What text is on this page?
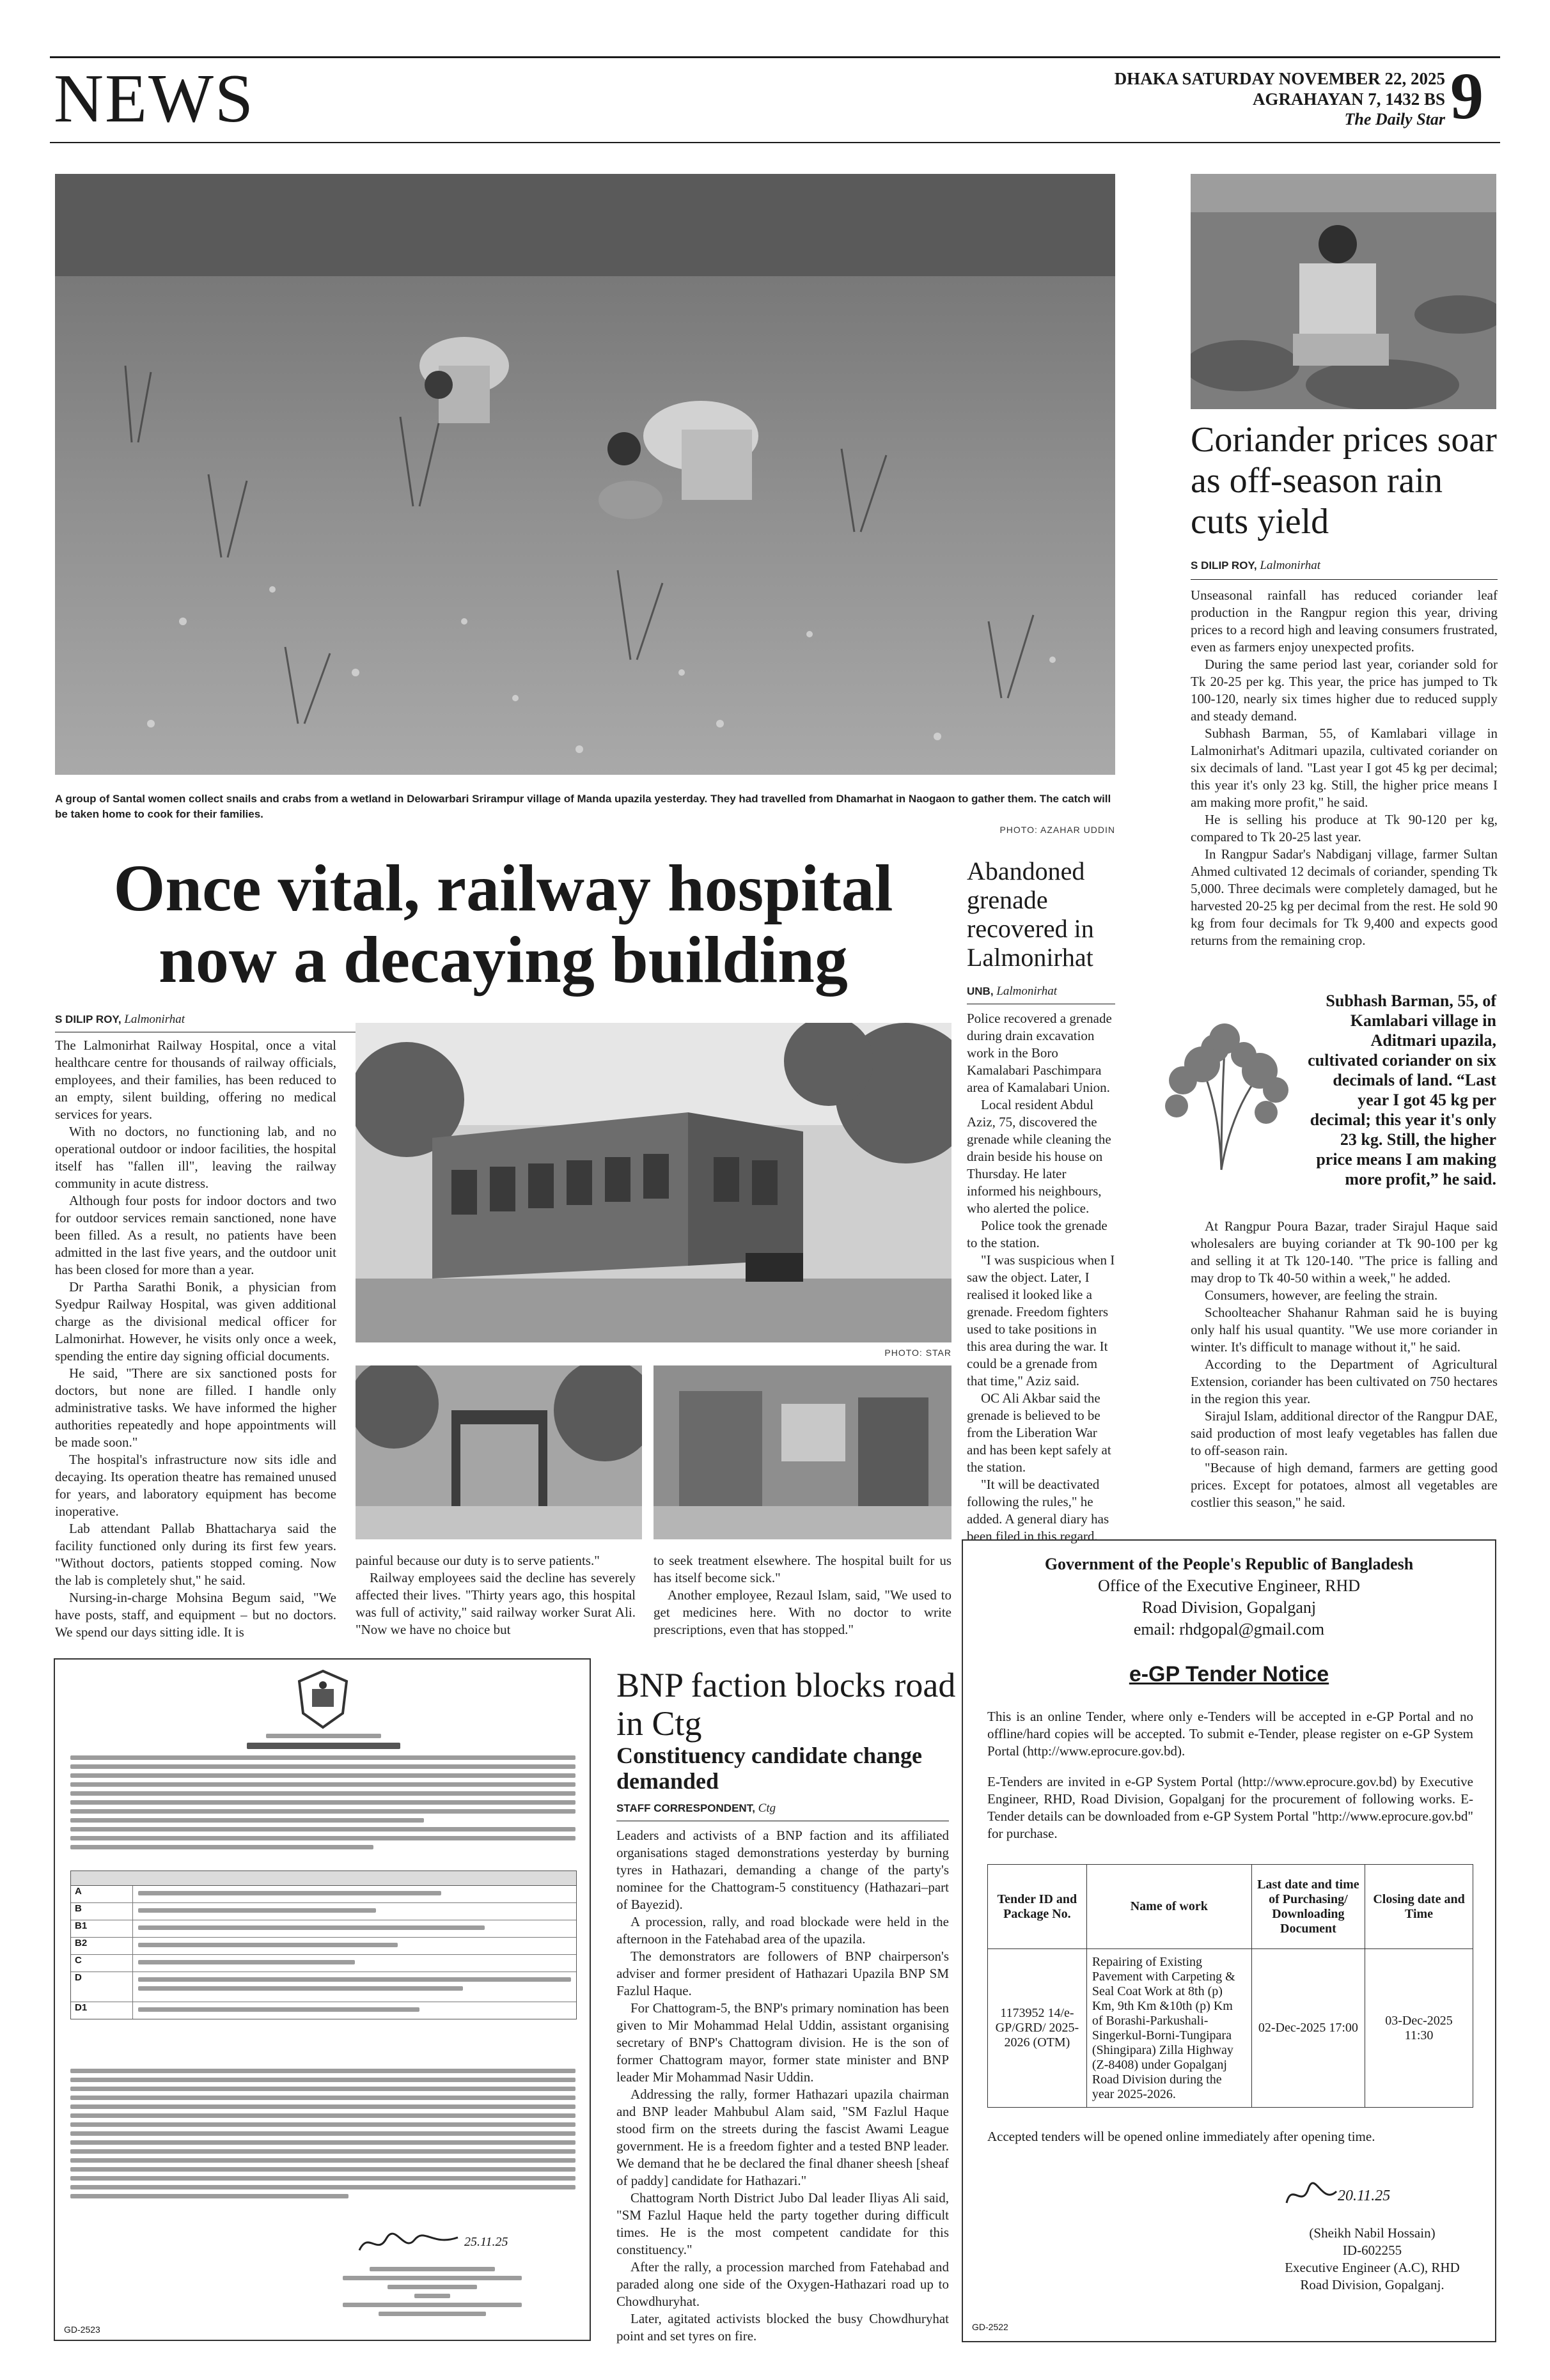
NEWS	DHAKA SATURDAY NOVEMBER 22, 2025
AGRAHAYAN 7, 1432 BS
The Daily Star 9
A group of Santal women collect snails and crabs from a wetland in Delowarbari Srirampur village of Manda upazila yesterday. They had travelled from Dhamarhat in Naogaon to gather them. The catch will be taken home to cook for their families.
PHOTO: AZAHAR UDDIN
Coriander prices soar as off-season rain cuts yield
S DILIP ROY, Lalmonirhat

Unseasonal rainfall has reduced coriander leaf production in the Rangpur region this year, driving prices to a record high and leaving consumers frustrated, even as farmers enjoy unexpected profits.

During the same period last year, coriander sold for Tk 20-25 per kg. This year, the price has jumped to Tk 100-120, nearly six times higher due to reduced supply and steady demand.

Subhash Barman, 55, of Kamlabari village in Lalmonirhat's Aditmari upazila, cultivated coriander on six decimals of land. "Last year I got 45 kg per decimal; this year it's only 23 kg. Still, the higher price means I am making more profit," he said.

He is selling his produce at Tk 90-120 per kg, compared to Tk 20-25 last year.

In Rangpur Sadar's Nabdiganj village, farmer Sultan Ahmed cultivated 12 decimals of coriander, spending Tk 5,000. Three decimals were completely damaged, but he harvested 20-25 kg per decimal from the rest. He sold 90 kg from four decimals for Tk 9,400 and expects good returns from the remaining crop.

Subhash Barman, 55, of Kamlabari village in Aditmari upazila, cultivated coriander on six decimals of land. “Last year I got 45 kg per decimal; this year it's only 23 kg. Still, the higher price means I am making more profit,” he said.

At Rangpur Poura Bazar, trader Sirajul Haque said wholesalers are buying coriander at Tk 90-100 per kg and selling it at Tk 120-140. "The price is falling and may drop to Tk 40-50 within a week," he added.

Consumers, however, are feeling the strain.

Schoolteacher Shahanur Rahman said he is buying only half his usual quantity. "We use more coriander in winter. It's difficult to manage without it," he said.

According to the Department of Agricultural Extension, coriander has been cultivated on 750 hectares in the region this year.

Sirajul Islam, additional director of the Rangpur DAE, said production of most leafy vegetables has fallen due to off-season rain.

"Because of high demand, farmers are getting good prices. Except for potatoes, almost all vegetables are costlier this season," he said.

Once vital, railway hospital now a decaying building
S DILIP ROY, Lalmonirhat

The Lalmonirhat Railway Hospital, once a vital healthcare centre for thousands of railway officials, employees, and their families, has been reduced to an empty, silent building, offering no medical services for years.

With no doctors, no functioning lab, and no operational outdoor or indoor facilities, the hospital itself has "fallen ill", leaving the railway community in acute distress.

Although four posts for indoor doctors and two for outdoor services remain sanctioned, none have been filled. As a result, no patients have been admitted in the last five years, and the outdoor unit has been closed for more than a year.

Dr Partha Sarathi Bonik, a physician from Syedpur Railway Hospital, was given additional charge as the divisional medical officer for Lalmonirhat. However, he visits only once a week, spending the entire day signing official documents.

He said, "There are six sanctioned posts for doctors, but none are filled. I handle only administrative tasks. We have informed the higher authorities repeatedly and hope appointments will be made soon."

The hospital's infrastructure now sits idle and decaying. Its operation theatre has remained unused for years, and laboratory equipment has become inoperative.

Lab attendant Pallab Bhattacharya said the facility functioned only during its first few years. "Without doctors, patients stopped coming. Now the lab is completely shut," he said.

Nursing-in-charge Mohsina Begum said, "We have posts, staff, and equipment – but no doctors. We spend our days sitting idle. It is

PHOTO: STAR

painful because our duty is to serve patients."

Railway employees said the decline has severely affected their lives. "Thirty years ago, this hospital was full of activity," said railway worker Surat Ali. "Now we have no choice but

to seek treatment elsewhere. The hospital built for us has itself become sick."

Another employee, Rezaul Islam, said, "We used to get medicines here. With no doctor to write prescriptions, even that has stopped."

Abandoned grenade recovered in Lalmonirhat
UNB, Lalmonirhat

Police recovered a grenade during drain excavation work in the Boro Kamalabari Paschimpara area of Kamalabari Union.

Local resident Abdul Aziz, 75, discovered the grenade while cleaning the drain beside his house on Thursday. He later informed his neighbours, who alerted the police.

Police took the grenade to the station.

"I was suspicious when I saw the object. Later, I realised it looked like a grenade. Freedom fighters used to take positions in this area during the war. It could be a grenade from that time," Aziz said.

OC Ali Akbar said the grenade is believed to be from the Liberation War and has been kept safely at the station.

"It will be deactivated following the rules," he added. A general diary has been filed in this regard.

A
B
B1
B2
C
D
D1
25.11.25
GD-2523
BNP faction blocks road in Ctg
Constituency candidate change demanded
STAFF CORRESPONDENT, Ctg

Leaders and activists of a BNP faction and its affiliated organisations staged demonstrations yesterday by burning tyres in Hathazari, demanding a change of the party's nominee for the Chattogram-5 constituency (Hathazari–part of Bayezid).

A procession, rally, and road blockade were held in the afternoon in the Fatehabad area of the upazila.

The demonstrators are followers of BNP chairperson's adviser and former president of Hathazari Upazila BNP SM Fazlul Haque.

For Chattogram-5, the BNP's primary nomination has been given to Mir Mohammad Helal Uddin, assistant organising secretary of BNP's Chattogram division. He is the son of former Chattogram mayor, former state minister and BNP leader Mir Mohammad Nasir Uddin.

Addressing the rally, former Hathazari upazila chairman and BNP leader Mahbubul Alam said, "SM Fazlul Haque stood firm on the streets during the fascist Awami League government. He is a freedom fighter and a tested BNP leader. We demand that he be declared the final dhaner sheesh [sheaf of paddy] candidate for Hathazari."

Chattogram North District Jubo Dal leader Iliyas Ali said, "SM Fazlul Haque held the party together during difficult times. He is the most competent candidate for this constituency."

After the rally, a procession marched from Fatehabad and paraded along one side of the Oxygen-Hathazari road up to Chowdhuryhat.

Later, agitated activists blocked the busy Chowdhuryhat point and set tyres on fire.

Government of the People's Republic of Bangladesh
Office of the Executive Engineer, RHD
Road Division, Gopalganj
email: rhdgopal@gmail.com
e-GP Tender Notice
This is an online Tender, where only e-Tenders will be accepted in e-GP Portal and no offline/hard copies will be accepted. To submit e-Tender, please register on e-GP System Portal (http://www.eprocure.gov.bd).
E-Tenders are invited in e-GP System Portal (http://www.eprocure.gov.bd) by Executive Engineer, RHD, Road Division, Gopalganj for the procurement of following works. E-Tender details can be downloaded from e-GP System Portal "http://www.eprocure.gov.bd" for purchase.
Tender ID and Package No.	Name of work	Last date and time of Purchasing/ Downloading Document	Closing date and Time
1173952 14/e-GP/GRD/ 2025-2026 (OTM)	Repairing of Existing Pavement with Carpeting & Seal Coat Work at 8th (p) Km, 9th Km &10th (p) Km of Borashi-Parkushali-Singerkul-Borni-Tungipara (Shingipara) Zilla Highway (Z-8408) under Gopalganj Road Division during the year 2025-2026.	02-Dec-2025 17:00	03-Dec-2025 11:30
Accepted tenders will be opened online immediately after opening time.
20.11.25
(Sheikh Nabil Hossain)
ID-602255
Executive Engineer (A.C), RHD
Road Division, Gopalganj.
GD-2522
